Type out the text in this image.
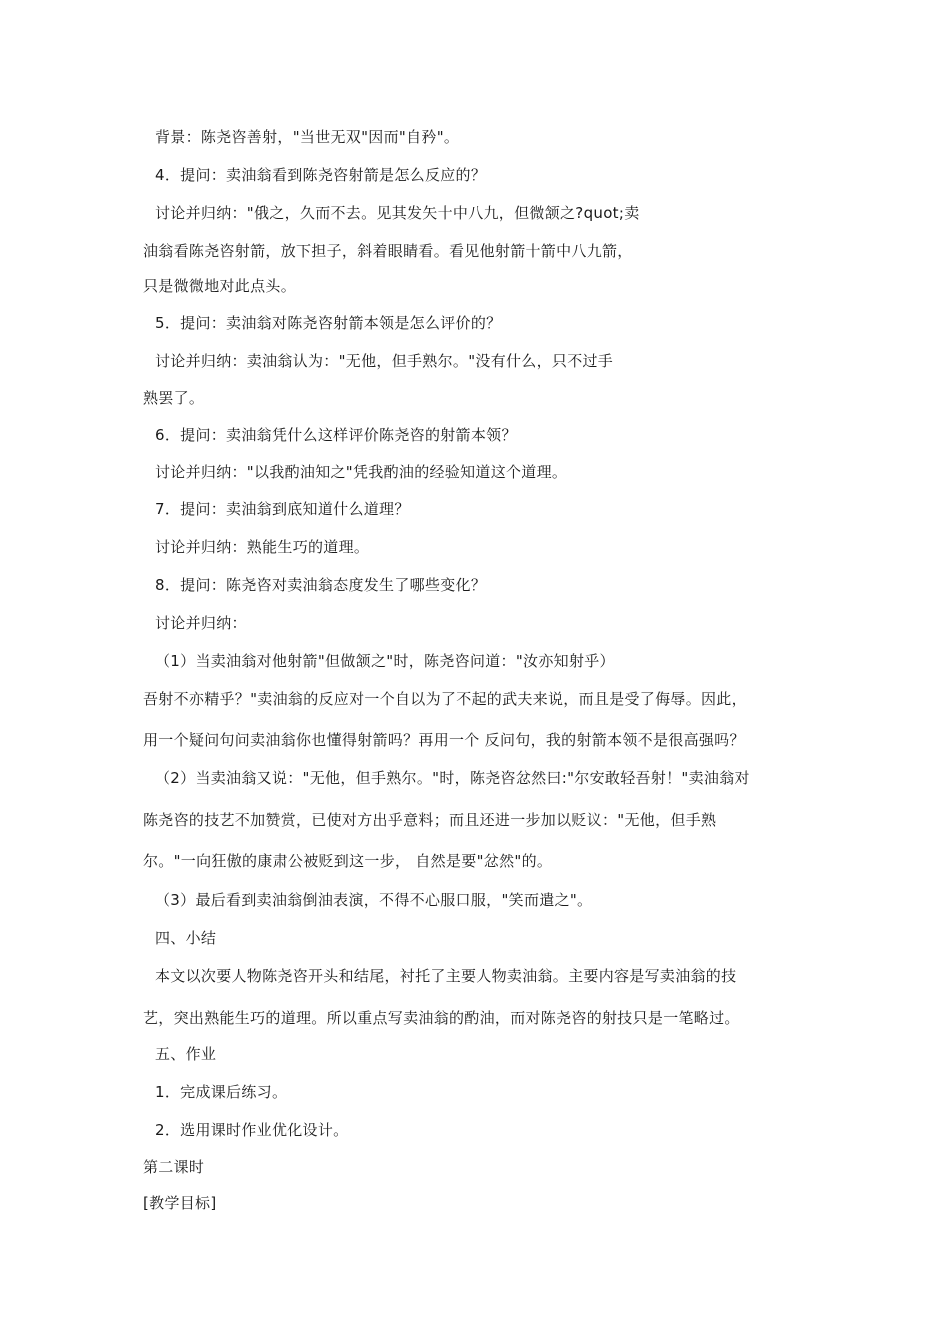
背景：陈尧咨善射，"当世无双"因而"自矜"。
4．提问：卖油翁看到陈尧咨射箭是怎么反应的？
讨论并归纳："俄之，久而不去。见其发矢十中八九，但微颔之?quot;卖
油翁看陈尧咨射箭，放下担子，斜着眼睛看。看见他射箭十箭中八九箭，
只是微微地对此点头。
5．提问：卖油翁对陈尧咨射箭本领是怎么评价的？
讨论并归纳：卖油翁认为："无他，但手熟尔。"没有什么，只不过手
熟罢了。
6．提问：卖油翁凭什么这样评价陈尧咨的射箭本领？
讨论并归纳："以我酌油知之"凭我酌油的经验知道这个道理。
7．提问：卖油翁到底知道什么道理？
讨论并归纳：熟能生巧的道理。
8．提问：陈尧咨对卖油翁态度发生了哪些变化？
讨论并归纳：
（1）当卖油翁对他射箭"但做颔之"时，陈尧咨问道："汝亦知射乎）
吾射不亦精乎？"卖油翁的反应对一个自以为了不起的武夫来说，而且是受了侮辱。因此，
用一个疑问句问卖油翁你也懂得射箭吗？再用一个 反问句，我的射箭本领不是很高强吗？
（2）当卖油翁又说："无他，但手熟尔。"时，陈尧咨忿然曰:"尔安敢轻吾射！"卖油翁对
陈尧咨的技艺不加赞赏，已使对方出乎意料；而且还进一步加以贬议："无他，但手熟
尔。"一向狂傲的康肃公被贬到这一步， 自然是要"忿然"的。
（3）最后看到卖油翁倒油表演，不得不心服口服，"笑而遣之"。
四、小结
本文以次要人物陈尧咨开头和结尾，衬托了主要人物卖油翁。主要内容是写卖油翁的技
艺，突出熟能生巧的道理。所以重点写卖油翁的酌油，而对陈尧咨的射技只是一笔略过。
五、作业
1．完成课后练习。
2．选用课时作业优化设计。
第二课时
[教学目标]
